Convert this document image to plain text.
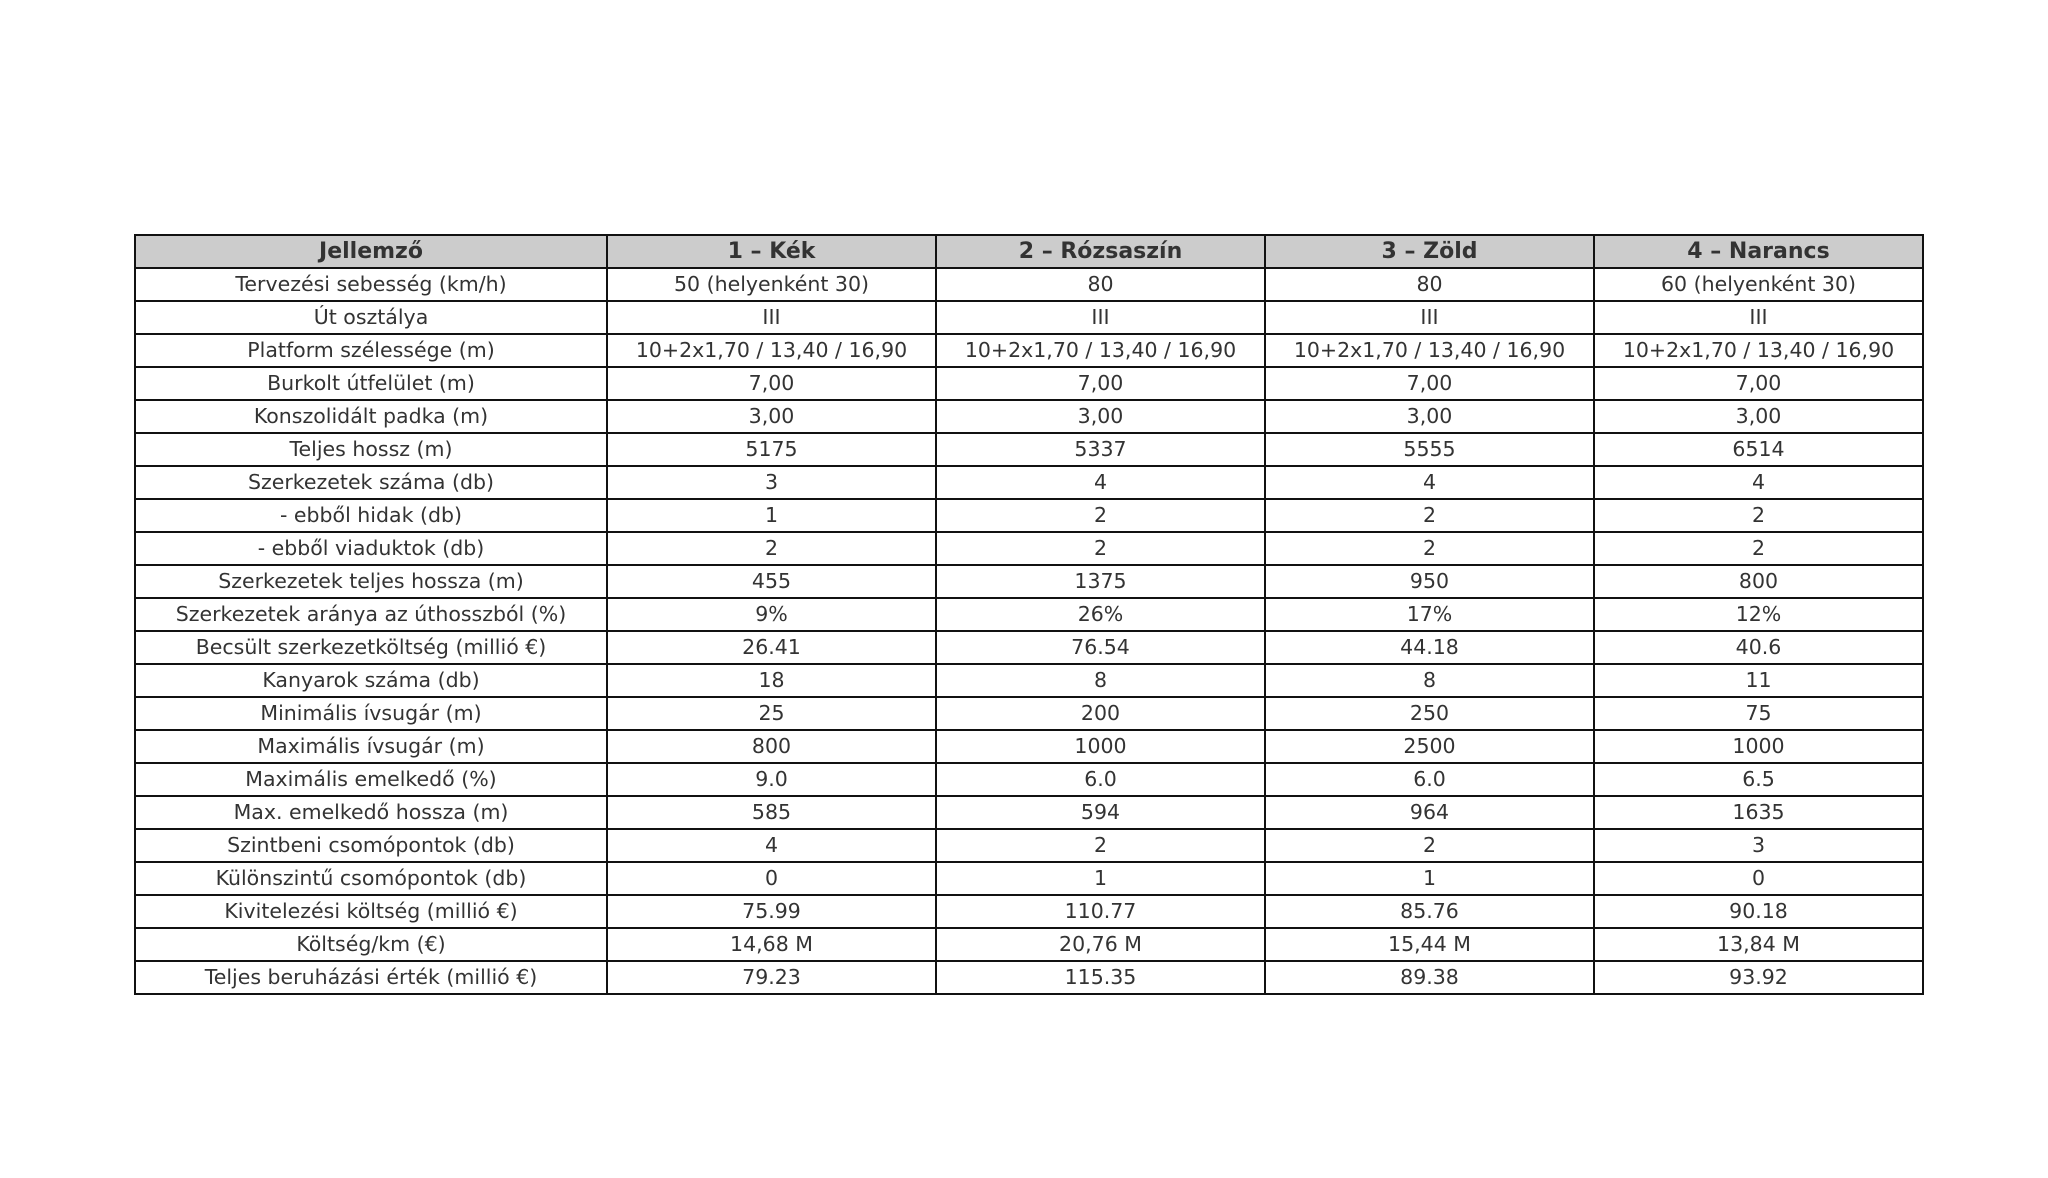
Jellemző	1 – Kék	2 – Rózsaszín	3 – Zöld	4 – Narancs
Tervezési sebesség (km/h)	50 (helyenként 30)	80	80	60 (helyenként 30)
Út osztálya	III	III	III	III
Platform szélessége (m)	10+2x1,70 / 13,40 / 16,90	10+2x1,70 / 13,40 / 16,90	10+2x1,70 / 13,40 / 16,90	10+2x1,70 / 13,40 / 16,90
Burkolt útfelület (m)	7,00	7,00	7,00	7,00
Konszolidált padka (m)	3,00	3,00	3,00	3,00
Teljes hossz (m)	5175	5337	5555	6514
Szerkezetek száma (db)	3	4	4	4
- ebből hidak (db)	1	2	2	2
- ebből viaduktok (db)	2	2	2	2
Szerkezetek teljes hossza (m)	455	1375	950	800
Szerkezetek aránya az úthosszból (%)	9%	26%	17%	12%
Becsült szerkezetköltség (millió €)	26.41	76.54	44.18	40.6
Kanyarok száma (db)	18	8	8	11
Minimális ívsugár (m)	25	200	250	75
Maximális ívsugár (m)	800	1000	2500	1000
Maximális emelkedő (%)	9.0	6.0	6.0	6.5
Max. emelkedő hossza (m)	585	594	964	1635
Szintbeni csomópontok (db)	4	2	2	3
Különszintű csomópontok (db)	0	1	1	0
Kivitelezési költség (millió €)	75.99	110.77	85.76	90.18
Költség/km (€)	14,68 M	20,76 M	15,44 M	13,84 M
Teljes beruházási érték (millió €)	79.23	115.35	89.38	93.92
